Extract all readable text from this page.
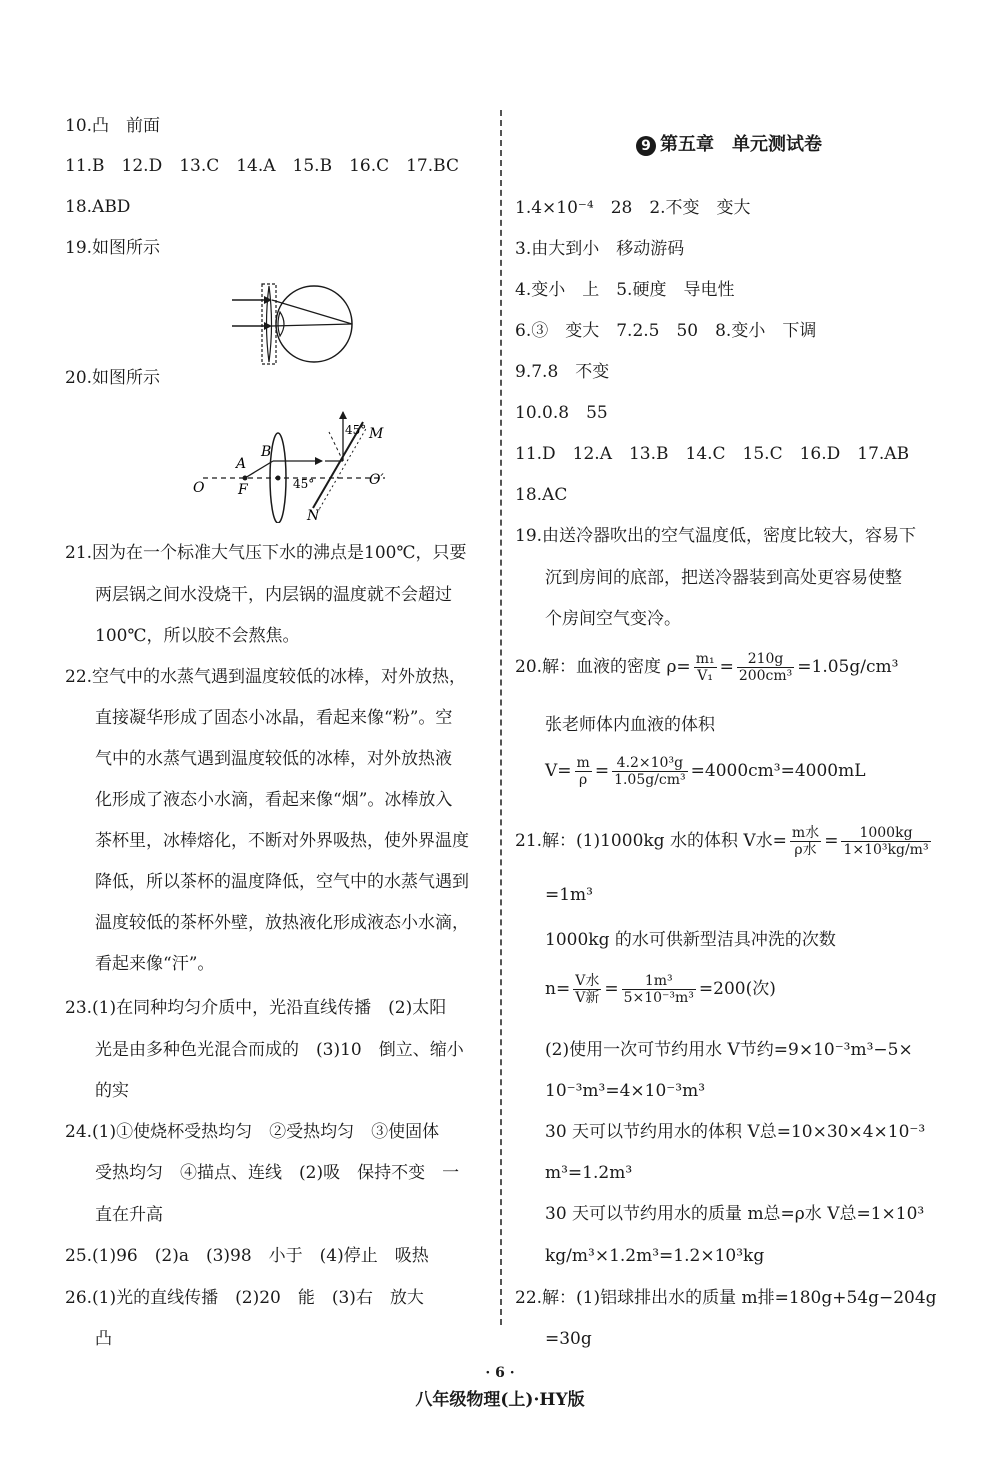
10.凸　前面
11.B　12.D　13.C　14.A　15.B　16.C　17.BC
18.ABD
19.如图所示
20.如图所示
21.因为在一个标准大气压下水的沸点是100℃，只要
两层锅之间水没烧干，内层锅的温度就不会超过
100℃，所以胶不会熬焦。
22.空气中的水蒸气遇到温度较低的冰棒，对外放热，
直接凝华形成了固态小冰晶，看起来像“粉”。空
气中的水蒸气遇到温度较低的冰棒，对外放热液
化形成了液态小水滴，看起来像“烟”。冰棒放入
茶杯里，冰棒熔化，不断对外界吸热，使外界温度
降低，所以茶杯的温度降低，空气中的水蒸气遇到
温度较低的茶杯外壁，放热液化形成液态小水滴，
看起来像“汗”。
23.(1)在同种均匀介质中，光沿直线传播　(2)太阳
光是由多种色光混合而成的　(3)10　倒立、缩小
的实
24.(1)①使烧杯受热均匀　②受热均匀　③使固体
受热均匀　④描点、连线　(2)吸　保持不变　一
直在升高
25.(1)96　(2)a　(3)98　小于　(4)停止　吸热
26.(1)光的直线传播　(2)20　能　(3)右　放大
凸
A
B
F
O	O′
M
N
45°
45°
9 第五章　单元测试卷
1.4×10⁻⁴　28　2.不变　变大
3.由大到小　移动游码
4.变小　上　5.硬度　导电性
6.③　变大　7.2.5　50　8.变小　下调
9.7.8　不变
10.0.8　55
11.D　12.A　13.B　14.C　15.C　16.D　17.AB
18.AC
19.由送冷器吹出的空气温度低，密度比较大，容易下
沉到房间的底部，把送冷器装到高处更容易使整
个房间空气变冷。
张老师体内血液的体积
=1m³
1000kg 的水可供新型洁具冲洗的次数
(2)使用一次可节约用水 V节约=9×10⁻³m³−5×
10⁻³m³=4×10⁻³m³
30 天可以节约用水的体积 V总=10×30×4×10⁻³
m³=1.2m³
30 天可以节约用水的质量 m总=ρ水 V总=1×10³
kg/m³×1.2m³=1.2×10³kg
22.解：(1)铝球排出水的质量 m排=180g+54g−204g
=30g
20.解：血液的密度 $\rho= \frac{\text{m₁}}{\text{V₁}} = \frac{210g}{\text{200cm³}} =1.05g/cm^3$
$V= \frac{m}{\rho} = \frac{\text{4.2×10³g}}{\text{1.05g/cm³}} =4000cm^3=4000mL$
21.解：(1)1000kg 水的体积 V水= $\frac{\text{m水}}{\text{ρ水}} = \frac{1000kg}{\text{1×10³kg/m³}}$
$n= \frac{\text{V水}}{\text{V新}} = \frac{\text{1m³}}{\text{5×10⁻³m³}} =200$(次)
· 6 ·
八年级物理(上)·HY版
